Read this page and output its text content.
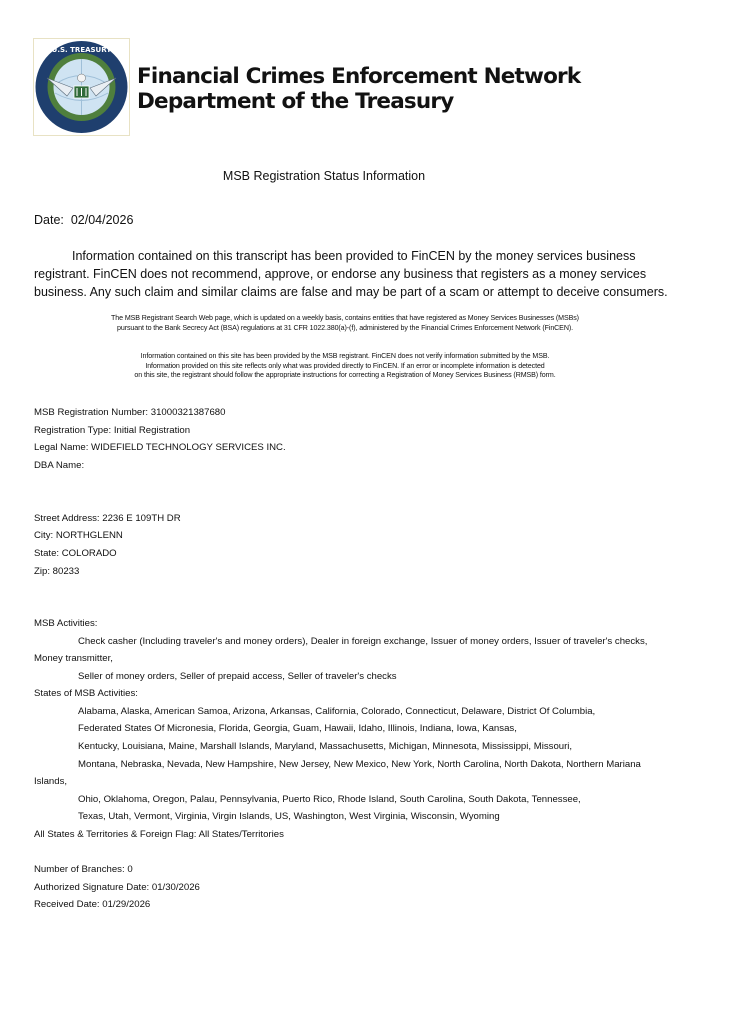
U.S. TREASURY
Financial Crimes Enforcement Network
Department of the Treasury
MSB Registration Status Information
Date: 02/04/2026
Information contained on this transcript has been provided to FinCEN by the money services business
registrant. FinCEN does not recommend, approve, or endorse any business that registers as a money services
business. Any such claim and similar claims are false and may be part of a scam or attempt to deceive consumers.
The MSB Registrant Search Web page, which is updated on a weekly basis, contains entities that have registered as Money Services Businesses (MSBs)
pursuant to the Bank Secrecy Act (BSA) regulations at 31 CFR 1022.380(a)-(f), administered by the Financial Crimes Enforcement Network (FinCEN).
Information contained on this site has been provided by the MSB registrant. FinCEN does not verify information submitted by the MSB.
Information provided on this site reflects only what was provided directly to FinCEN. If an error or incomplete information is detected
on this site, the registrant should follow the appropriate instructions for correcting a Registration of Money Services Business (RMSB) form.
MSB Registration Number: 31000321387680
Registration Type: Initial Registration
Legal Name: WIDEFIELD TECHNOLOGY SERVICES INC.
DBA Name:
Street Address: 2236 E 109TH DR
City: NORTHGLENN
State: COLORADO
Zip: 80233
MSB Activities:
Check casher (Including traveler's and money orders), Dealer in foreign exchange, Issuer of money orders, Issuer of traveler's checks,
Money transmitter,
Seller of money orders, Seller of prepaid access, Seller of traveler's checks
States of MSB Activities:
Alabama, Alaska, American Samoa, Arizona, Arkansas, California, Colorado, Connecticut, Delaware, District Of Columbia,
Federated States Of Micronesia, Florida, Georgia, Guam, Hawaii, Idaho, Illinois, Indiana, Iowa, Kansas,
Kentucky, Louisiana, Maine, Marshall Islands, Maryland, Massachusetts, Michigan, Minnesota, Mississippi, Missouri,
Montana, Nebraska, Nevada, New Hampshire, New Jersey, New Mexico, New York, North Carolina, North Dakota, Northern Mariana
Islands,
Ohio, Oklahoma, Oregon, Palau, Pennsylvania, Puerto Rico, Rhode Island, South Carolina, South Dakota, Tennessee,
Texas, Utah, Vermont, Virginia, Virgin Islands, US, Washington, West Virginia, Wisconsin, Wyoming
All States & Territories & Foreign Flag: All States/Territories
Number of Branches: 0
Authorized Signature Date: 01/30/2026
Received Date: 01/29/2026
